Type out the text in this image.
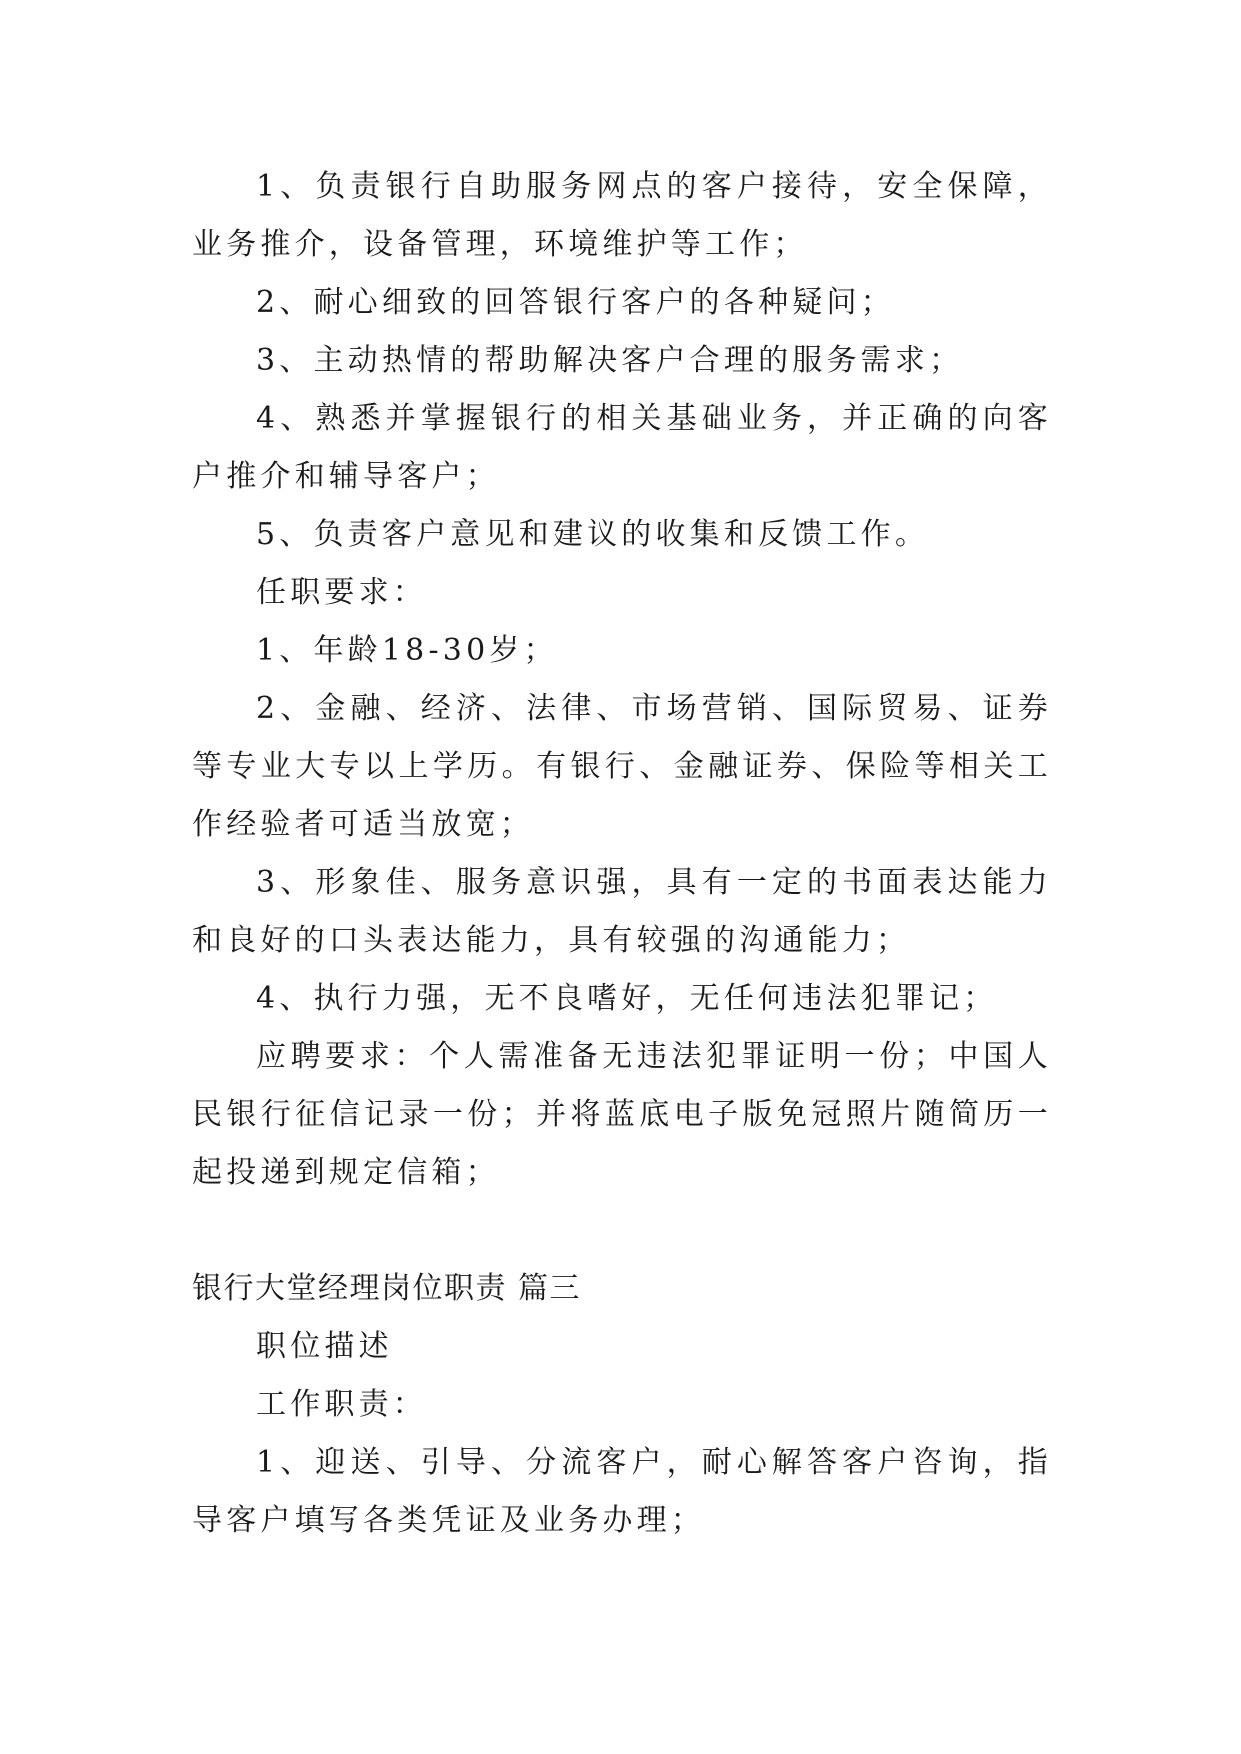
1、负责银行自助服务网点的客户接待，安全保障，业务推介，设备管理，环境维护等工作；

2、耐心细致的回答银行客户的各种疑问；

3、主动热情的帮助解决客户合理的服务需求；

4、熟悉并掌握银行的相关基础业务，并正确的向客户推介和辅导客户；

5、负责客户意见和建议的收集和反馈工作。

任职要求：

1、年龄18-30岁；

2、金融、经济、法律、市场营销、国际贸易、证券等专业大专以上学历。有银行、金融证券、保险等相关工作经验者可适当放宽；

3、形象佳、服务意识强，具有一定的书面表达能力和良好的口头表达能力，具有较强的沟通能力；

4、执行力强，无不良嗜好，无任何违法犯罪记；

应聘要求：个人需准备无违法犯罪证明一份；中国人民银行征信记录一份；并将蓝底电子版免冠照片随简历一起投递到规定信箱；

银行大堂经理岗位职责 篇三

职位描述

工作职责：

1、迎送、引导、分流客户，耐心解答客户咨询，指导客户填写各类凭证及业务办理；
